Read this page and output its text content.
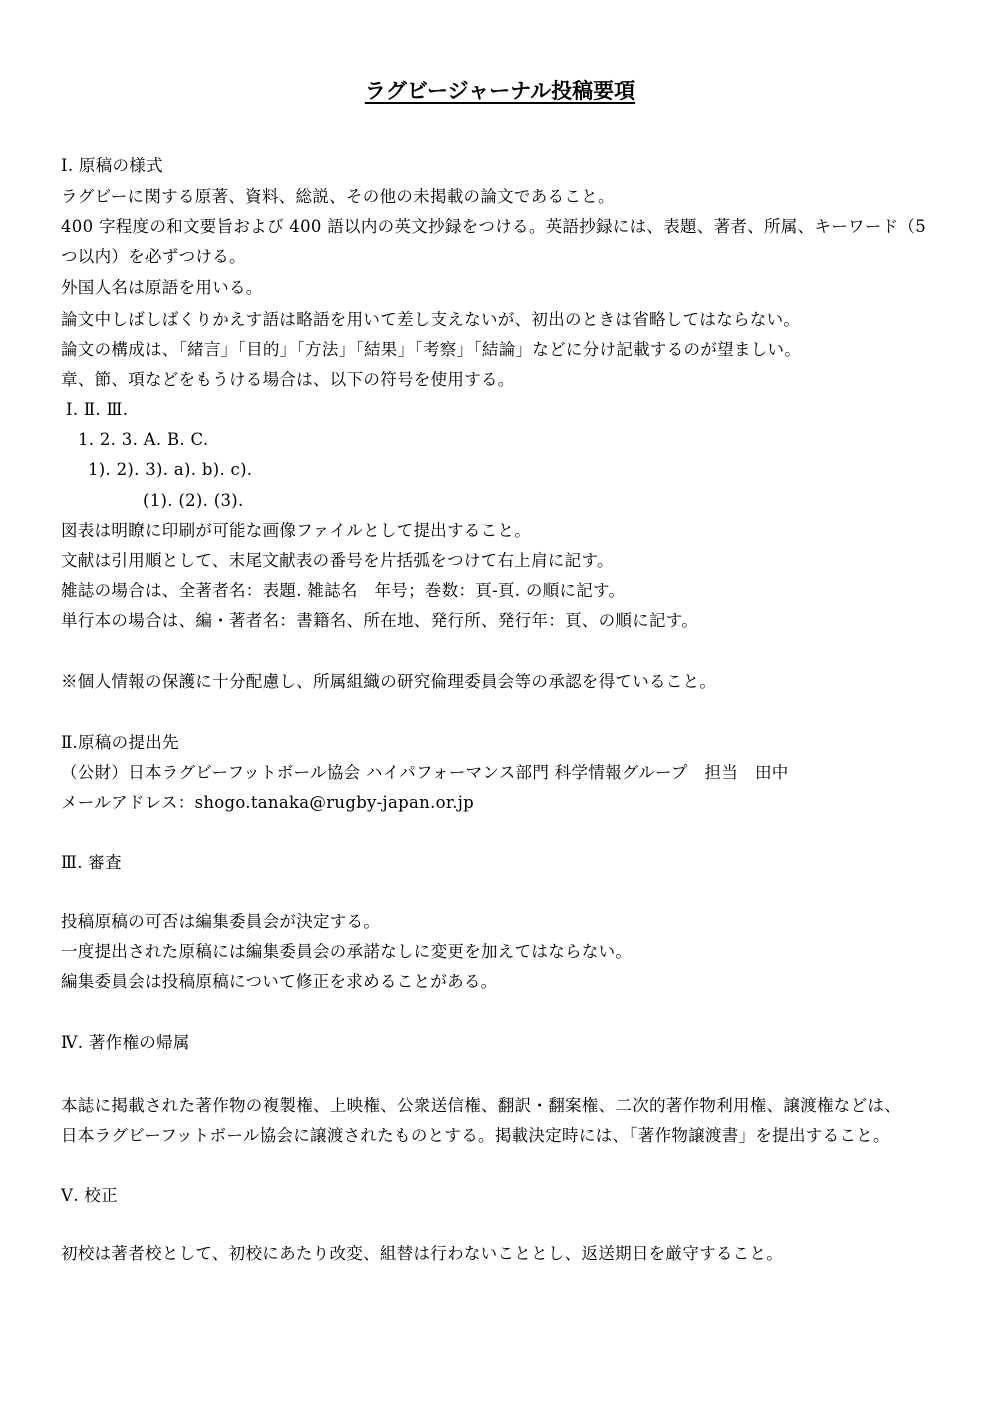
ラグビージャーナル投稿要項
Ⅰ. 原稿の様式
ラグビーに関する原著、資料、総説、その他の未掲載の論文であること。
400 字程度の和文要旨および 400 語以内の英文抄録をつける。英語抄録には、表題、著者、所属、キーワード（5
つ以内）を必ずつける。
外国人名は原語を用いる。
論文中しばしばくりかえす語は略語を用いて差し支えないが、初出のときは省略してはならない。
論文の構成は、「緒言」「目的」「方法」「結果」「考察」「結論」などに分け記載するのが望ましい。
章、節、項などをもうける場合は、以下の符号を使用する。
Ⅰ. Ⅱ. Ⅲ.
1. 2. 3. A. B. C.
1). 2). 3). a). b). c).
(1). (2). (3).
図表は明瞭に印刷が可能な画像ファイルとして提出すること。
文献は引用順として、末尾文献表の番号を片括弧をつけて右上肩に記す。
雑誌の場合は、全著者名：表題. 雑誌名　年号；巻数：頁-頁. の順に記す。
単行本の場合は、編・著者名：書籍名、所在地、発行所、発行年：頁、の順に記す。
※個人情報の保護に十分配慮し、所属組織の研究倫理委員会等の承認を得ていること。
Ⅱ.原稿の提出先
（公財）日本ラグビーフットボール協会 ハイパフォーマンス部門 科学情報グループ　担当　田中
メールアドレス：shogo.tanaka@rugby-japan.or.jp
Ⅲ. 審査
投稿原稿の可否は編集委員会が決定する。
一度提出された原稿には編集委員会の承諾なしに変更を加えてはならない。
編集委員会は投稿原稿について修正を求めることがある。
Ⅳ. 著作権の帰属
本誌に掲載された著作物の複製権、上映権、公衆送信権、翻訳・翻案権、二次的著作物利用権、譲渡権などは、
日本ラグビーフットボール協会に譲渡されたものとする。掲載決定時には、「著作物譲渡書」を提出すること。
Ⅴ. 校正
初校は著者校として、初校にあたり改変、組替は行わないこととし、返送期日を厳守すること。
